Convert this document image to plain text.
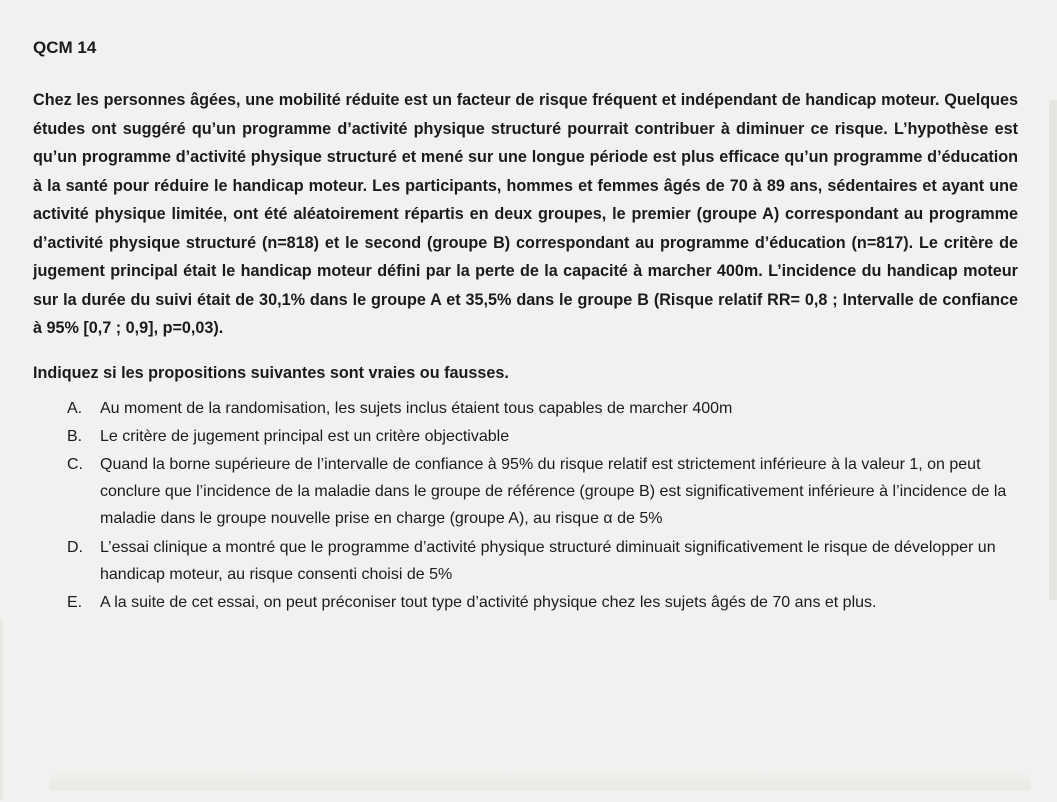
QCM 14

Chez les personnes âgées, une mobilité réduite est un facteur de risque fréquent et indépendant de handicap moteur. Quelques études ont suggéré qu’un programme d’activité physique structuré pourrait contribuer à diminuer ce risque. L’hypothèse est qu’un programme d’activité physique structuré et mené sur une longue période est plus efficace qu’un programme d’éducation à la santé pour réduire le handicap moteur. Les participants, hommes et femmes âgés de 70 à 89 ans, sédentaires et ayant une activité physique limitée, ont été aléatoirement répartis en deux groupes, le premier (groupe A) correspondant au programme d’activité physique structuré (n=818) et le second (groupe B) correspondant au programme d’éducation (n=817). Le critère de jugement principal était le handicap moteur défini par la perte de la capacité à marcher 400m. L’incidence du handicap moteur sur la durée du suivi était de 30,1% dans le groupe A et 35,5% dans le groupe B (Risque relatif RR= 0,8 ; Intervalle de confiance à 95% [0,7 ; 0,9], p=0,03).

Indiquez si les propositions suivantes sont vraies ou fausses.

A.	Au moment de la randomisation, les sujets inclus étaient tous capables de marcher 400m
B.	Le critère de jugement principal est un critère objectivable
C.	Quand la borne supérieure de l’intervalle de confiance à 95% du risque relatif est strictement inférieure à la valeur 1, on peut conclure que l’incidence de la maladie dans le groupe de référence (groupe B) est significativement inférieure à l’incidence de la maladie dans le groupe nouvelle prise en charge (groupe A), au risque α de 5%
D.	L’essai clinique a montré que le programme d’activité physique structuré diminuait significativement le risque de développer un handicap moteur, au risque consenti choisi de 5%
E.	A la suite de cet essai, on peut préconiser tout type d’activité physique chez les sujets âgés de 70 ans et plus.
